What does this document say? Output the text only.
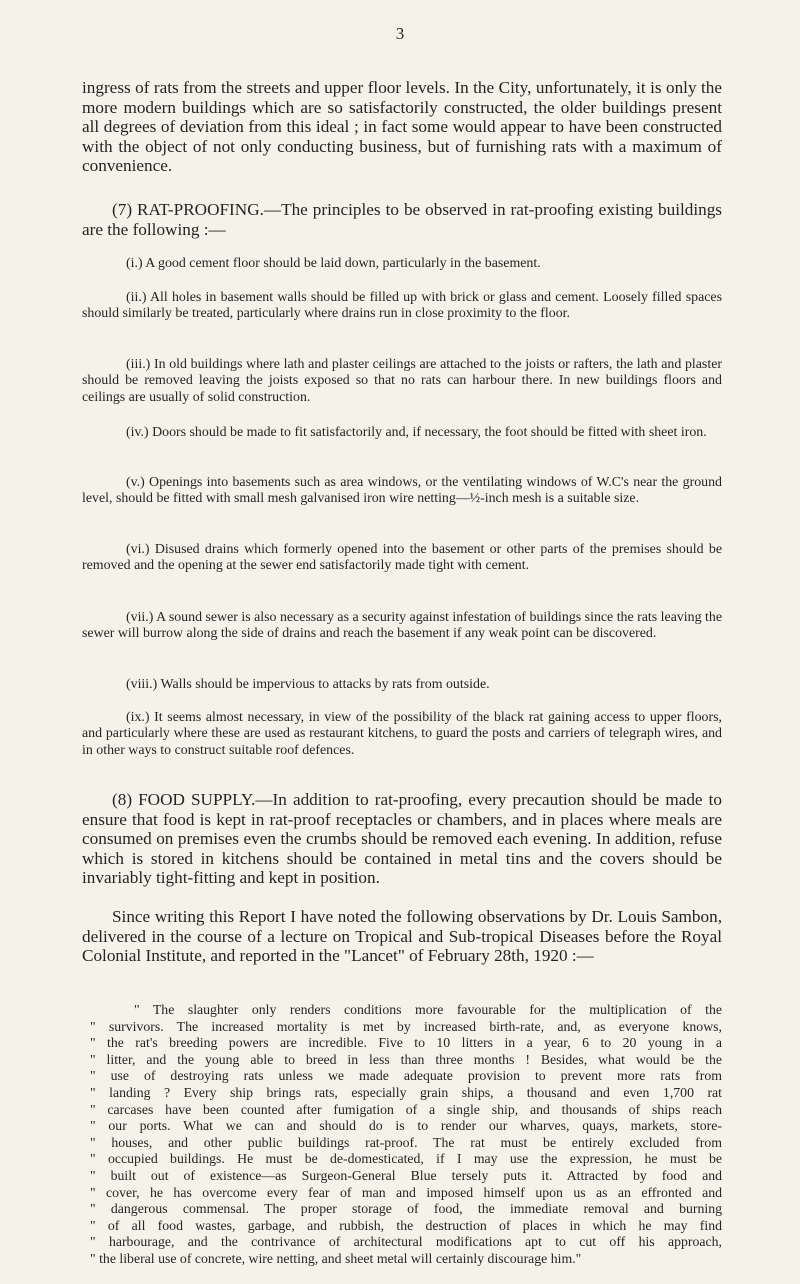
3

ingress of rats from the streets and upper floor levels. In the City, unfortunately, it is only the more modern buildings which are so satisfactorily constructed, the older buildings present all degrees of deviation from this ideal ; in fact some would appear to have been constructed with the object of not only conducting business, but of furnishing rats with a maximum of convenience.

(7) RAT-PROOFING.—The principles to be observed in rat-proofing existing buildings are the following :—

(i.) A good cement floor should be laid down, particularly in the basement.

(ii.) All holes in basement walls should be filled up with brick or glass and cement. Loosely filled spaces should similarly be treated, particularly where drains run in close proximity to the floor.

(iii.) In old buildings where lath and plaster ceilings are attached to the joists or rafters, the lath and plaster should be removed leaving the joists exposed so that no rats can harbour there. In new buildings floors and ceilings are usually of solid construction.

(iv.) Doors should be made to fit satisfactorily and, if necessary, the foot should be fitted with sheet iron.

(v.) Openings into basements such as area windows, or the ventilating windows of W.C's near the ground level, should be fitted with small mesh galvanised iron wire netting—½-inch mesh is a suitable size.

(vi.) Disused drains which formerly opened into the basement or other parts of the premises should be removed and the opening at the sewer end satisfactorily made tight with cement.

(vii.) A sound sewer is also necessary as a security against infestation of buildings since the rats leaving the sewer will burrow along the side of drains and reach the basement if any weak point can be discovered.

(viii.) Walls should be impervious to attacks by rats from outside.

(ix.) It seems almost necessary, in view of the possibility of the black rat gaining access to upper floors, and particularly where these are used as restaurant kitchens, to guard the posts and carriers of telegraph wires, and in other ways to construct suitable roof defences.

(8) FOOD SUPPLY.—In addition to rat-proofing, every precaution should be made to ensure that food is kept in rat-proof receptacles or chambers, and in places where meals are consumed on premises even the crumbs should be removed each evening. In addition, refuse which is stored in kitchens should be contained in metal tins and the covers should be invariably tight-fitting and kept in position.

Since writing this Report I have noted the following observations by Dr. Louis Sambon, delivered in the course of a lecture on Tropical and Sub-tropical Diseases before the Royal Colonial Institute, and reported in the "Lancet" of February 28th, 1920 :—

" The slaughter only renders conditions more favourable for the multiplication of the
" survivors. The increased mortality is met by increased birth-rate, and, as everyone knows,
" the rat's breeding powers are incredible. Five to 10 litters in a year, 6 to 20 young in a
" litter, and the young able to breed in less than three months ! Besides, what would be the
" use of destroying rats unless we made adequate provision to prevent more rats from
" landing ? Every ship brings rats, especially grain ships, a thousand and even 1,700 rat
" carcases have been counted after fumigation of a single ship, and thousands of ships reach
" our ports. What we can and should do is to render our wharves, quays, markets, store-
" houses, and other public buildings rat-proof. The rat must be entirely excluded from
" occupied buildings. He must be de-domesticated, if I may use the expression, he must be
" built out of existence—as Surgeon-General Blue tersely puts it. Attracted by food and
" cover, he has overcome every fear of man and imposed himself upon us as an effronted and
" dangerous commensal. The proper storage of food, the immediate removal and burning
" of all food wastes, garbage, and rubbish, the destruction of places in which he may find
" harbourage, and the contrivance of architectural modifications apt to cut off his approach,
" the liberal use of concrete, wire netting, and sheet metal will certainly discourage him."
